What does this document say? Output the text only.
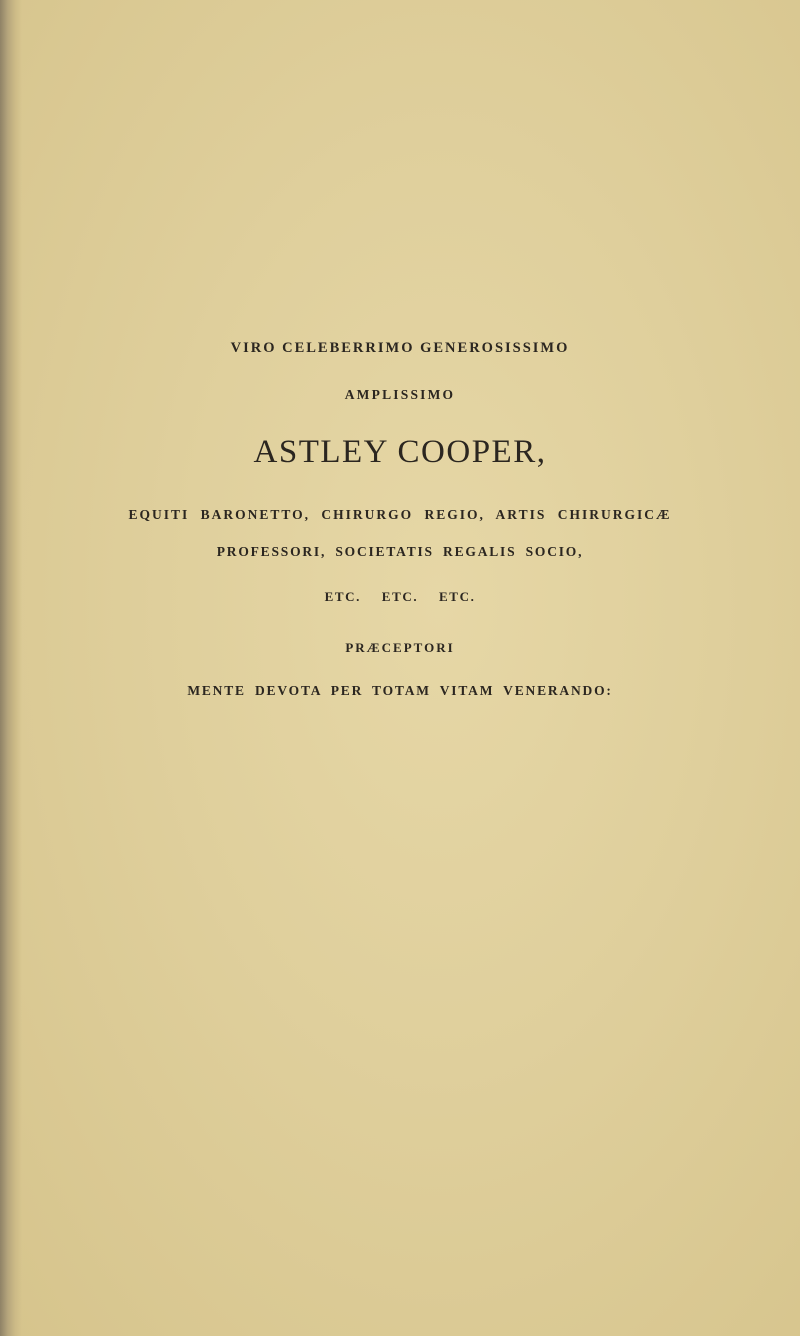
VIRO CELEBERRIMO GENEROSISSIMO
AMPLISSIMO
ASTLEY COOPER,
EQUITI BARONETTO, CHIRURGO REGIO, ARTIS CHIRURGICÆ
PROFESSORI, SOCIETATIS REGALIS SOCIO,
ETC. ETC. ETC.
PRÆCEPTORI
MENTE DEVOTA PER TOTAM VITAM VENERANDO:
